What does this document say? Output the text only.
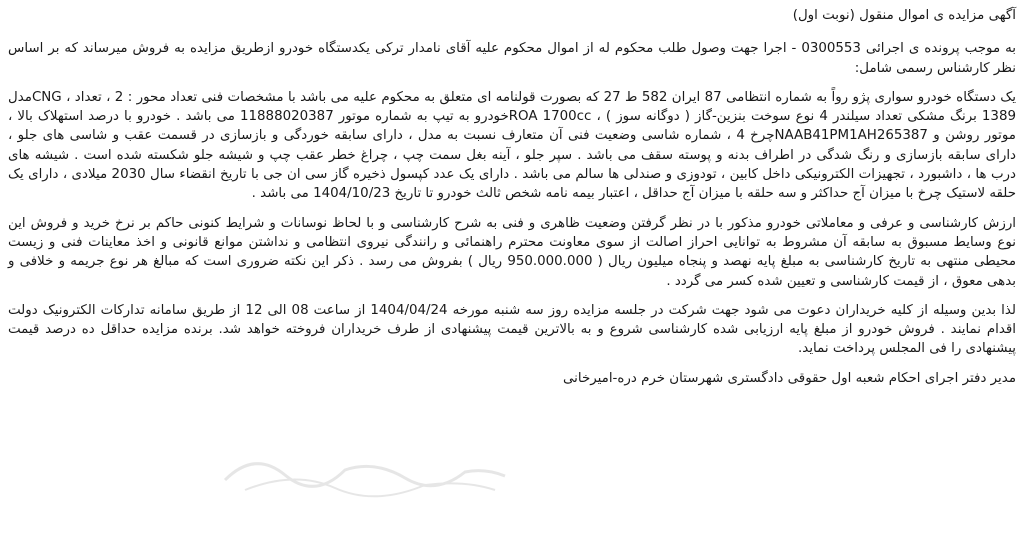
آگهی مزایده ی اموال منقول (نوبت اول)

به موجب پرونده ی اجرائی 0300553 - اجرا جهت وصول طلب محکوم له از اموال محکوم علیه آقای نامدار ترکی یکدستگاه خودرو ازطریق مزایده به فروش میرساند که بر اساس نظر کارشناس رسمی شامل:

یک دستگاه خودرو سواری پژو رواً به شماره انتظامی 87 ایران 582 ط 27 که بصورت قولنامه ای متعلق به محکوم علیه می باشد با مشخصات فنی تعداد محور : 2 ، تعداد ، CNGمدل 1389 برنگ مشکی تعداد سیلندر 4 نوع سوخت بنزین-گاز ( دوگانه سوز ) ، ROA 1700ccخودرو به تیپ به شماره موتور 11888020387 می باشد . خودرو با درصد استهلاک بالا ، موتور روشن و NAAB41PM1AH265387چرخ 4 ، شماره شاسی وضعیت فنی آن متعارف نسبت به مدل ، دارای سابقه خوردگی و بازسازی در قسمت عقب و شاسی های جلو ، دارای سابقه بازسازی و رنگ شدگی در اطراف بدنه و پوسته سقف می باشد . سپر جلو ، آینه بغل سمت چپ ، چراغ خطر عقب چپ و شیشه جلو شکسته شده است . شیشه های درب ها ، داشبورد ، تجهیزات الکترونیکی داخل کابین ، تودوزی و صندلی ها سالم می باشد . دارای یک عدد کپسول ذخیره گاز سی ان جی با تاریخ انقضاء سال 2030 میلادی ، دارای یک حلقه لاستیک چرخ با میزان آج حداکثر و سه حلقه با میزان آج حداقل ، اعتبار بیمه نامه شخص ثالث خودرو تا تاریخ 1404/10/23 می باشد .

ارزش کارشناسی و عرفی و معاملاتی خودرو مذکور با در نظر گرفتن وضعیت ظاهری و فنی به شرح کارشناسی و با لحاظ نوسانات و شرایط کنونی حاکم بر نرخ خرید و فروش این نوع وسایط مسبوق به سابقه آن مشروط به توانایی احراز اصالت از سوی معاونت محترم راهنمائی و رانندگی نیروی انتظامی و نداشتن موانع قانونی و اخذ معاینات فنی و زیست محیطی منتهی به تاریخ کارشناسی به مبلغ پایه نهصد و پنجاه میلیون ریال ( 950.000.000 ریال ) بفروش می رسد . ذکر این نکته ضروری است که مبالغ هر نوع جریمه و خلافی و بدهی معوق ، از قیمت کارشناسی و تعیین شده کسر می گردد .

لذا بدین وسیله از کلیه خریداران دعوت می شود جهت شرکت در جلسه مزایده روز سه شنبه مورخه 1404/04/24 از ساعت 08 الی 12 از طریق سامانه تدارکات الکترونیک دولت اقدام نمایند . فروش خودرو از مبلغ پایه ارزیابی شده کارشناسی شروع و به بالاترین قیمت پیشنهادی از طرف خریداران فروخته خواهد شد. برنده مزایده حداقل ده درصد قیمت پیشنهادی را فی المجلس پرداخت نماید.

مدیر دفتر اجرای احکام شعبه اول حقوقی دادگستری شهرستان خرم دره-امیرخانی
